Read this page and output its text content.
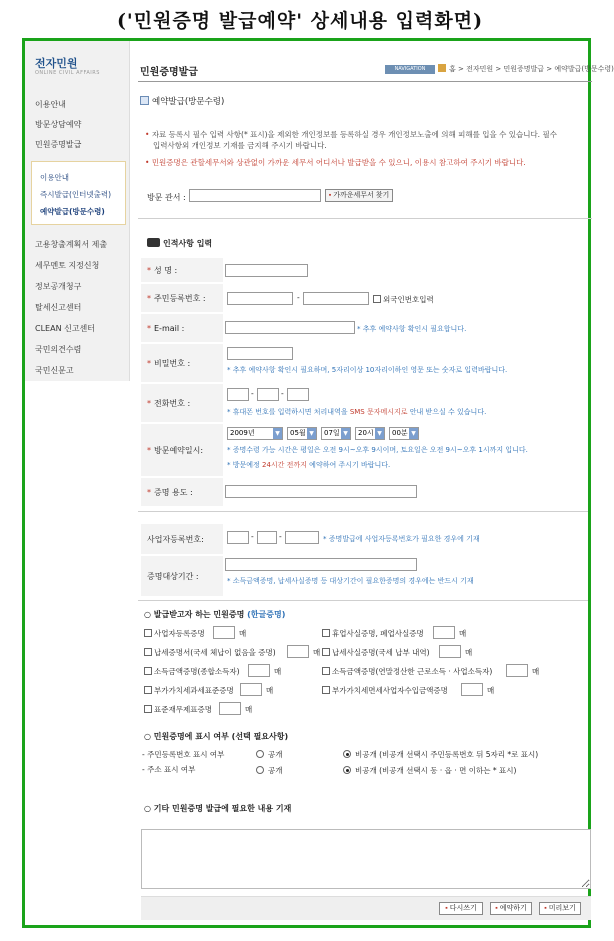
('민원증명 발급예약' 상세내용 입력화면)
전자민원
ONLINE CIVIL AFFAIRS
이용안내
방문상담예약
민원증명발급
이용안내
즉시발급(인터넷출력)
예약발급(방문수령)
고용창출계획서 제출
세무멘토 지정신청
정보공개청구
탈세신고센터
CLEAN 신고센터
국민의견수렴
국민신문고
민원증명발급	NAVIGATION	홈 > 전자민원 > 민원증명발급 > 예약발급(방문수령)
예약발급(방문수령)
• 자료 등록시 필수 입력 사항(* 표시)을 제외한 개인정보를 등록하실 경우 개인정보노출에 의해 피해를 입을 수 있습니다. 필수
입력사항외 개인정보 기재를 금지해 주시기 바랍니다.
• 민원증명은 관할세무서와 상관없이 가까운 세무서 어디서나 발급받을 수 있으니, 이용시 참고하여 주시기 바랍니다.
방문 관서 :	▪ 가까운세무서 찾기
인적사항 입력
* 성 명 :
* 주민등록번호 :	-	외국인번호입력
* E-mail :	* 추후 예약사항 확인시 필요합니다.
* 비밀번호 :
* 추후 예약사항 확인시 필요하며, 5자리이상 10자리이하인 영문 또는 숫자로 입력바랍니다.
* 전화번호 :
-	-
* 휴대폰 번호를 입력하시면 처리내역을 SMS 문자메시지로 안내 받으실 수 있습니다.
* 방문예약일시:
2009년	▼	05월 ▼	07일 ▼	20시 ▼	00분 ▼
* 증명수령 가능 시간은 평일은 오전 9시~오후 9시이며, 토요일은 오전 9시~오후 1시까지 입니다.
* 방문예정 24시간 전까지 예약하여 주시기 바랍니다.
* 증명 용도 :
사업자등록번호:	-	-	* 증명발급에 사업자등록번호가 필요한 경우에 기재
증명대상기간 :
* 소득금액증명, 납세사실증명 등 대상기간이 필요한증명의 경우에는 반드시 기재
○ 발급받고자 하는 민원증명 (한글증명)
사업자등록증명	매	휴업사실증명, 폐업사실증명	매
납세증명서(국세 체납이 없음을 증명)	매 납세사실증명(국세 납부 내역)	매
소득금액증명(종합소득자)	매	소득금액증명(연말정산한 근로소득 · 사업소득자)	매
부가가치세과세표준증명	매	부가가치세면세사업자수입금액증명	매
표준재무제표증명	매
○ 민원증명에 표시 여부 (선택 필요사항)
- 주민등록번호 표시 여부	공개	비공개 (비공개 선택시 주민등록번호 뒤 5자리 *로 표시)
- 주소 표시 여부	공개	비공개 (비공개 선택시 동 · 읍 · 면 이하는 * 표시)
○ 기타 민원증명 발급에 필요한 내용 기재
▪ 다시쓰기	▪ 예약하기	▪ 미리보기
